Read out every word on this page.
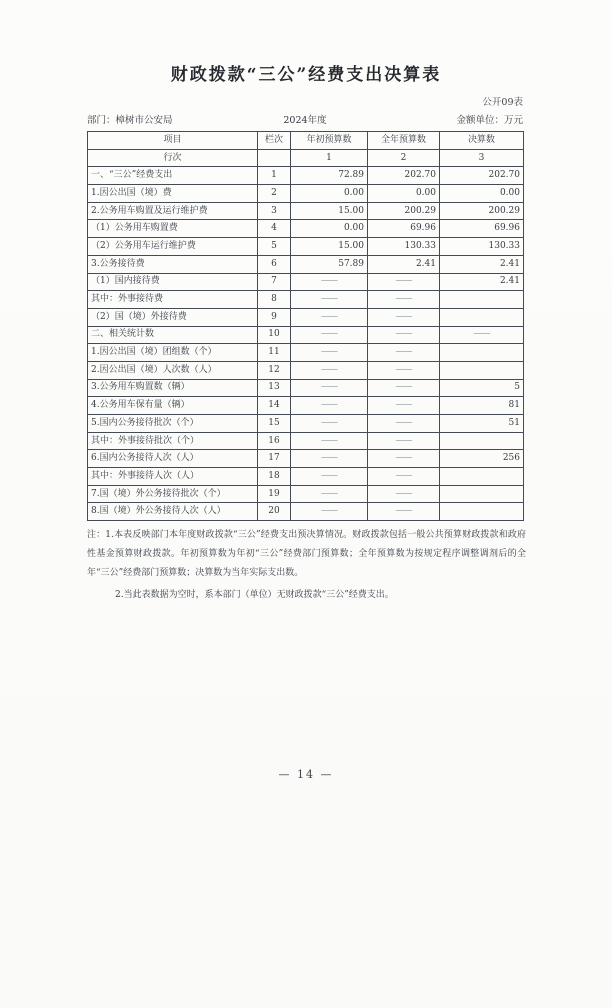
财政拨款“三公”经费支出决算表
公开09表
部门：樟树市公安局	2024年度	金额单位：万元
项目	栏次	年初预算数	全年预算数	决算数
行次		1	2	3
一、“三公”经费支出	1	72.89	202.70	202.70
1.因公出国（境）费	2	0.00	0.00	0.00
2.公务用车购置及运行维护费	3	15.00	200.29	200.29
（1）公务用车购置费	4	0.00	69.96	69.96
（2）公务用车运行维护费	5	15.00	130.33	130.33
3.公务接待费	6	57.89	2.41	2.41
（1）国内接待费	7	——	——	2.41
其中：外事接待费	8	——	——	
（2）国（境）外接待费	9	——	——	
二、相关统计数	10	——	——	——
1.因公出国（境）团组数（个）	11	——	——	
2.因公出国（境）人次数（人）	12	——	——	
3.公务用车购置数（辆）	13	——	——	5
4.公务用车保有量（辆）	14	——	——	81
5.国内公务接待批次（个）	15	——	——	51
其中：外事接待批次（个）	16	——	——	
6.国内公务接待人次（人）	17	——	——	256
其中：外事接待人次（人）	18	——	——	
7.国（境）外公务接待批次（个）	19	——	——	
8.国（境）外公务接待人次（人）	20	——	——	
注：1.本表反映部门本年度财政拨款“三公”经费支出预决算情况。财政拨款包括一般公共预算财政拨款和政府性基金预算财政拨款。年初预算数为年初“三公”经费部门预算数；全年预算数为按规定程序调整调剂后的全年“三公”经费部门预算数；决算数为当年实际支出数。
2.当此表数据为空时，系本部门（单位）无财政拨款“三公”经费支出。
— 14 —
